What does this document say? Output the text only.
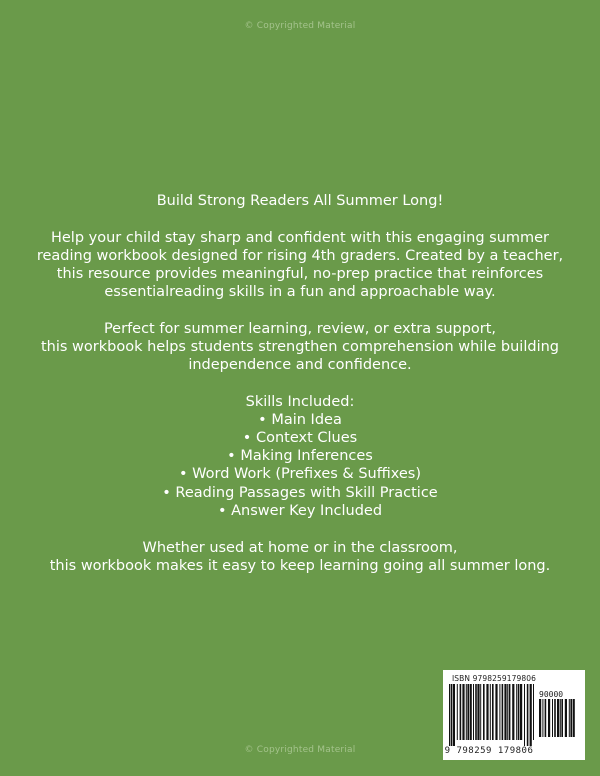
© Copyrighted Material
Build Strong Readers All Summer Long!
Help your child stay sharp and confident with this engaging summer
reading workbook designed for rising 4th graders. Created by a teacher,
this resource provides meaningful, no-prep practice that reinforces
essentialreading skills in a fun and approachable way.
Perfect for summer learning, review, or extra support,
this workbook helps students strengthen comprehension while building
independence and confidence.
Skills Included:
• Main Idea
• Context Clues
• Making Inferences
• Word Work (Prefixes & Suffixes)
• Reading Passages with Skill Practice
• Answer Key Included
Whether used at home or in the classroom,
this workbook makes it easy to keep learning going all summer long.
ISBN 9798259179806
90000
9 798259 179806
© Copyrighted Material
